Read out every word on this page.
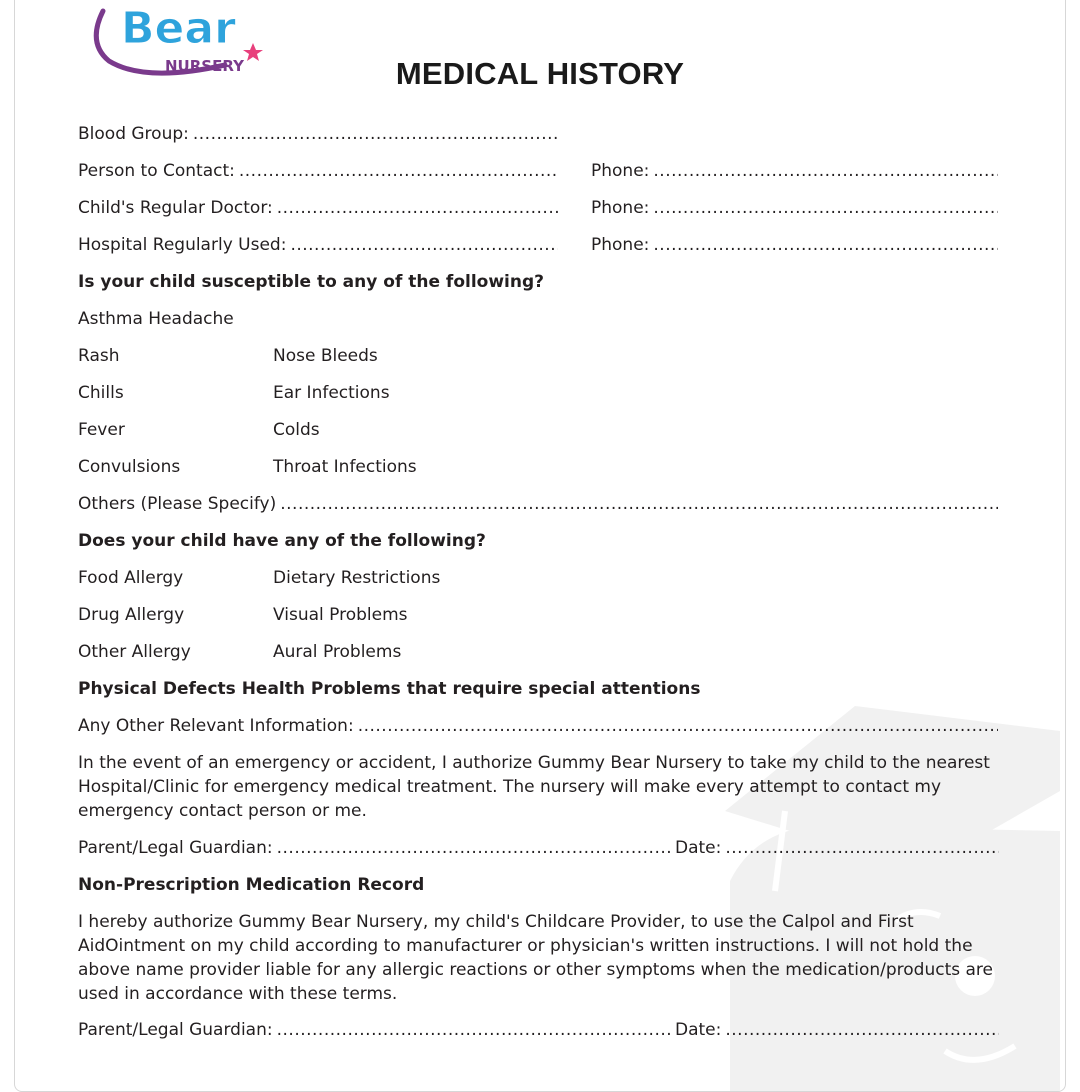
Bear
NURSERY	MEDICAL HISTORY
Blood Group:
.....
Person to Contact: .....	Phone:
.....
Child's Regular Doctor: .....	Phone:
.....
Hospital Regularly Used: .....	Phone:
.....
Is your child susceptible to any of the following?
Asthma Headache
Rash	Nose Bleeds
Chills	Ear Infections
Fever	Colds
Convulsions	Throat Infections
Others (Please Specify)
.....
Does your child have any of the following?
Food Allergy	Dietary Restrictions
Drug Allergy	Visual Problems
Other Allergy	Aural Problems
Physical Defects Health Problems that require special attentions
Any Other Relevant Information:
.....
In the event of an emergency or accident, I authorize Gummy Bear Nursery to take my child to the nearest Hospital/Clinic for emergency medical treatment. The nursery will make every attempt to contact my emergency contact person or me.
Parent/Legal Guardian: .....	Date:
.....
Non-Prescription Medication Record
I hereby authorize Gummy Bear Nursery, my child's Childcare Provider, to use the Calpol and First AidOintment on my child according to manufacturer or physician's written instructions. I will not hold the above name provider liable for any allergic reactions or other symptoms when the medication/products are used in accordance with these terms.
Parent/Legal Guardian: .....	Date:
.....
